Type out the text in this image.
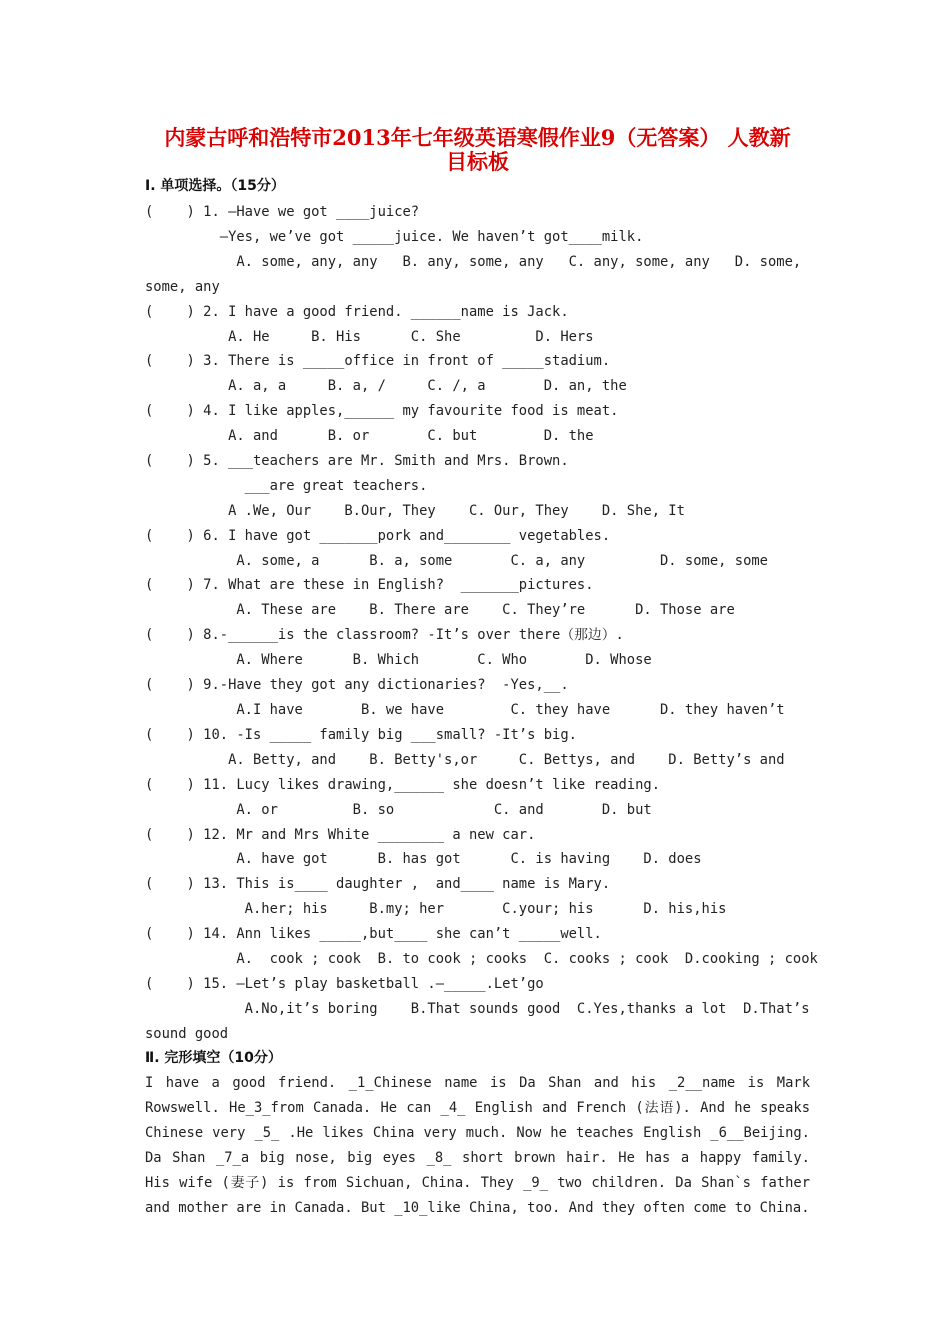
内蒙古呼和浩特市2013年七年级英语寒假作业9（无答案） 人教新
目标板
Ⅰ. 单项选择。（15分）
(    ) 1. —Have we got ____juice?
—Yes, we’ve got _____juice. We haven’t got____milk.
A. some, any, any   B. any, some, any   C. any, some, any   D. some,
some, any
(    ) 2. I have a good friend. ______name is Jack.
A. He     B. His      C. She         D. Hers
(    ) 3. There is _____office in front of _____stadium.
A. a, a     B. a, /     C. /, a       D. an, the
(    ) 4. I like apples,______ my favourite food is meat.
A. and      B. or       C. but        D. the
(    ) 5. ___teachers are Mr. Smith and Mrs. Brown.
___are great teachers.
A .We, Our    B.Our, They    C. Our, They    D. She, It
(    ) 6. I have got _______pork and________ vegetables.
A. some, a      B. a, some       C. a, any         D. some, some
(    ) 7. What are these in English?  _______pictures.
A. These are    B. There are    C. They’re      D. Those are
(    ) 8.-______is the classroom? -It’s over there（那边）.
A. Where      B. Which       C. Who       D. Whose
(    ) 9.-Have they got any dictionaries?  -Yes,__.
A.I have       B. we have        C. they have      D. they haven’t
(    ) 10. -Is _____ family big ___small? -It’s big.
A. Betty, and    B. Betty's,or     C. Bettys, and    D. Betty’s and
(    ) 11. Lucy likes drawing,______ she doesn’t like reading.
A. or         B. so            C. and       D. but
(    ) 12. Mr and Mrs White ________ a new car.
A. have got      B. has got      C. is having    D. does
(    ) 13. This is____ daughter ,  and____ name is Mary.
A.her; his     B.my; her       C.your; his      D. his,his
(    ) 14. Ann likes _____,but____ she can’t _____well.
A.  cook ; cook  B. to cook ; cooks  C. cooks ; cook  D.cooking ; cook
(    ) 15. —Let’s play basketball .—_____.Let’go
A.No,it’s boring    B.That sounds good  C.Yes,thanks a lot  D.That’s
sound good
Ⅱ. 完形填空（10分）
I have a good friend. _1_Chinese name is Da Shan and his _2__name is Mark
Rowswell. He_3_from Canada. He can _4_ English and French (法语). And he speaks
Chinese very _5_ .He likes China very much. Now he teaches English _6__Beijing.
Da Shan _7_a big nose, big eyes _8_ short brown hair. He has a happy family.
His wife (妻子) is from Sichuan, China. They _9_ two children. Da Shan`s father
and mother are in Canada. But _10_like China, too. And they often come to China.
